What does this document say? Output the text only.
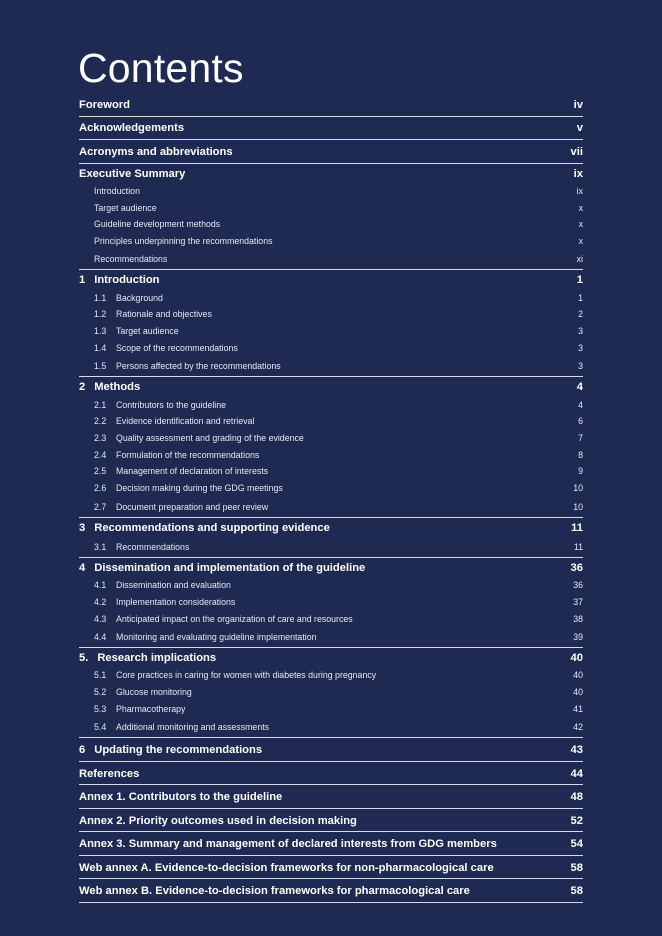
Contents
Foreword	iv
Acknowledgements	v
Acronyms and abbreviations	vii
Executive Summary	ix
Introduction	ix
Target audience	x
Guideline development methods	x
Principles underpinning the recommendations	x
Recommendations	xi
1 Introduction	1
1.1	Background	1
1.2	Rationale and objectives	2
1.3	Target audience	3
1.4	Scope of the recommendations	3
1.5	Persons affected by the recommendations	3
2 Methods	4
2.1	Contributors to the guideline	4
2.2	Evidence identification and retrieval	6
2.3	Quality assessment and grading of the evidence	7
2.4	Formulation of the recommendations	8
2.5	Management of declaration of interests	9
2.6	Decision making during the GDG meetings	10
2.7	Document preparation and peer review	10
3 Recommendations and supporting evidence	11
3.1	Recommendations	11
4 Dissemination and implementation of the guideline	36
4.1	Dissemination and evaluation	36
4.2	Implementation considerations	37
4.3	Anticipated impact on the organization of care and resources	38
4.4	Monitoring and evaluating guideline implementation	39
5. Research implications	40
5.1	Core practices in caring for women with diabetes during pregnancy	40
5.2	Glucose monitoring	40
5.3	Pharmacotherapy	41
5.4	Additional monitoring and assessments	42
6 Updating the recommendations	43
References	44
Annex 1. Contributors to the guideline	48
Annex 2. Priority outcomes used in decision making	52
Annex 3. Summary and management of declared interests from GDG members	54
Web annex A. Evidence-to-decision frameworks for non-pharmacological care	58
Web annex B. Evidence-to-decision frameworks for pharmacological care	58
